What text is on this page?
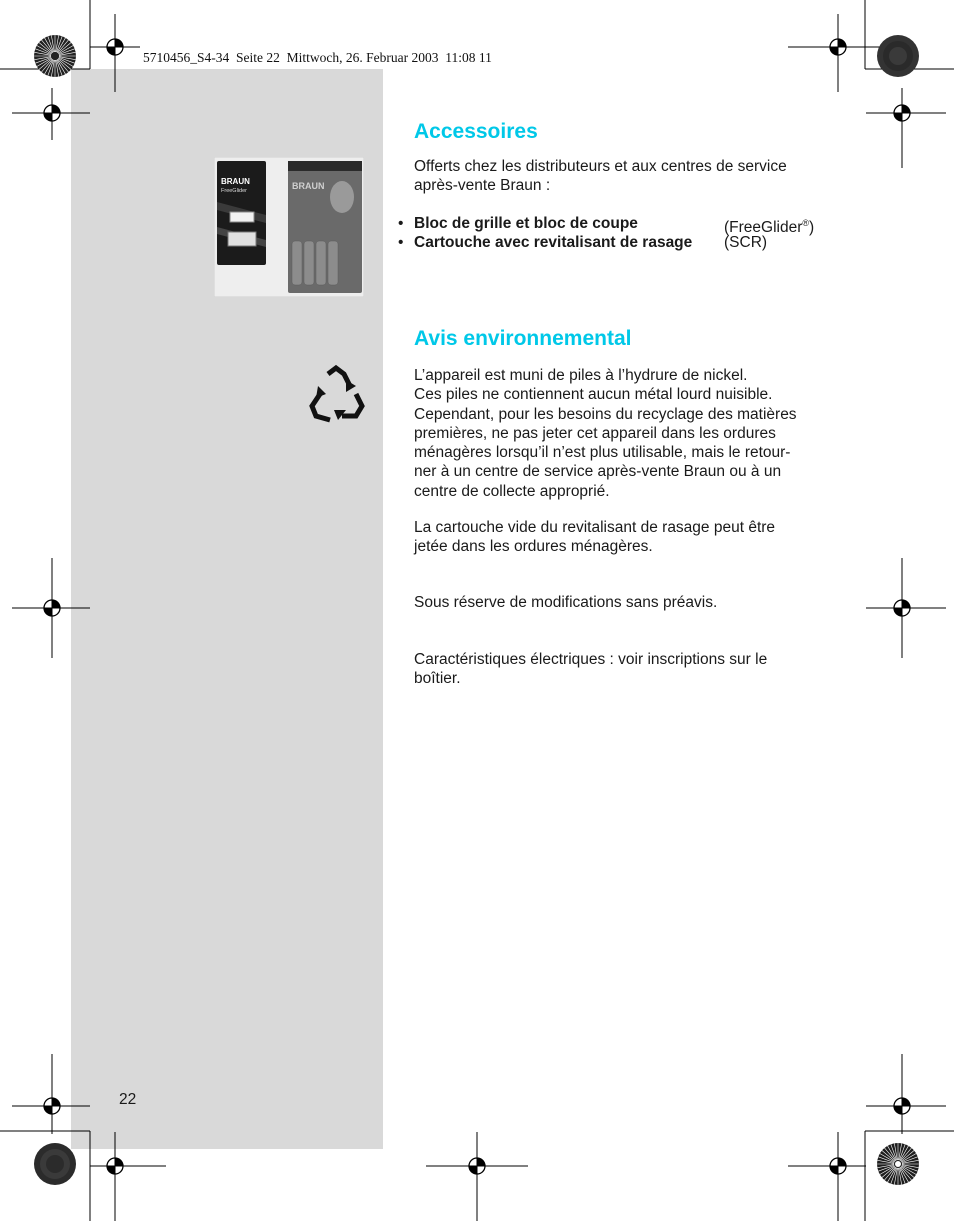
5710456_S4-34  Seite 22  Mittwoch, 26. Februar 2003  11:08 11
BRAUN
FreeGlider	BRAUN
Accessoires

Offerts chez les distributeurs et aux centres de service
après-vente Braun :

• Bloc de grille et bloc de coupe	(FreeGlider®)
• Cartouche avec revitalisant de rasage (SCR)
Avis environnemental

L’appareil est muni de piles à l’hydrure de nickel.
Ces piles ne contiennent aucun métal lourd nuisible.
Cependant, pour les besoins du recyclage des matières
premières, ne pas jeter cet appareil dans les ordures
ménagères lorsqu’il n’est plus utilisable, mais le retour-
ner à un centre de service après-vente Braun ou à un
centre de collecte approprié.

La cartouche vide du revitalisant de rasage peut être
jetée dans les ordures ménagères.

Sous réserve de modifications sans préavis.

Caractéristiques électriques : voir inscriptions sur le
boîtier.

22
